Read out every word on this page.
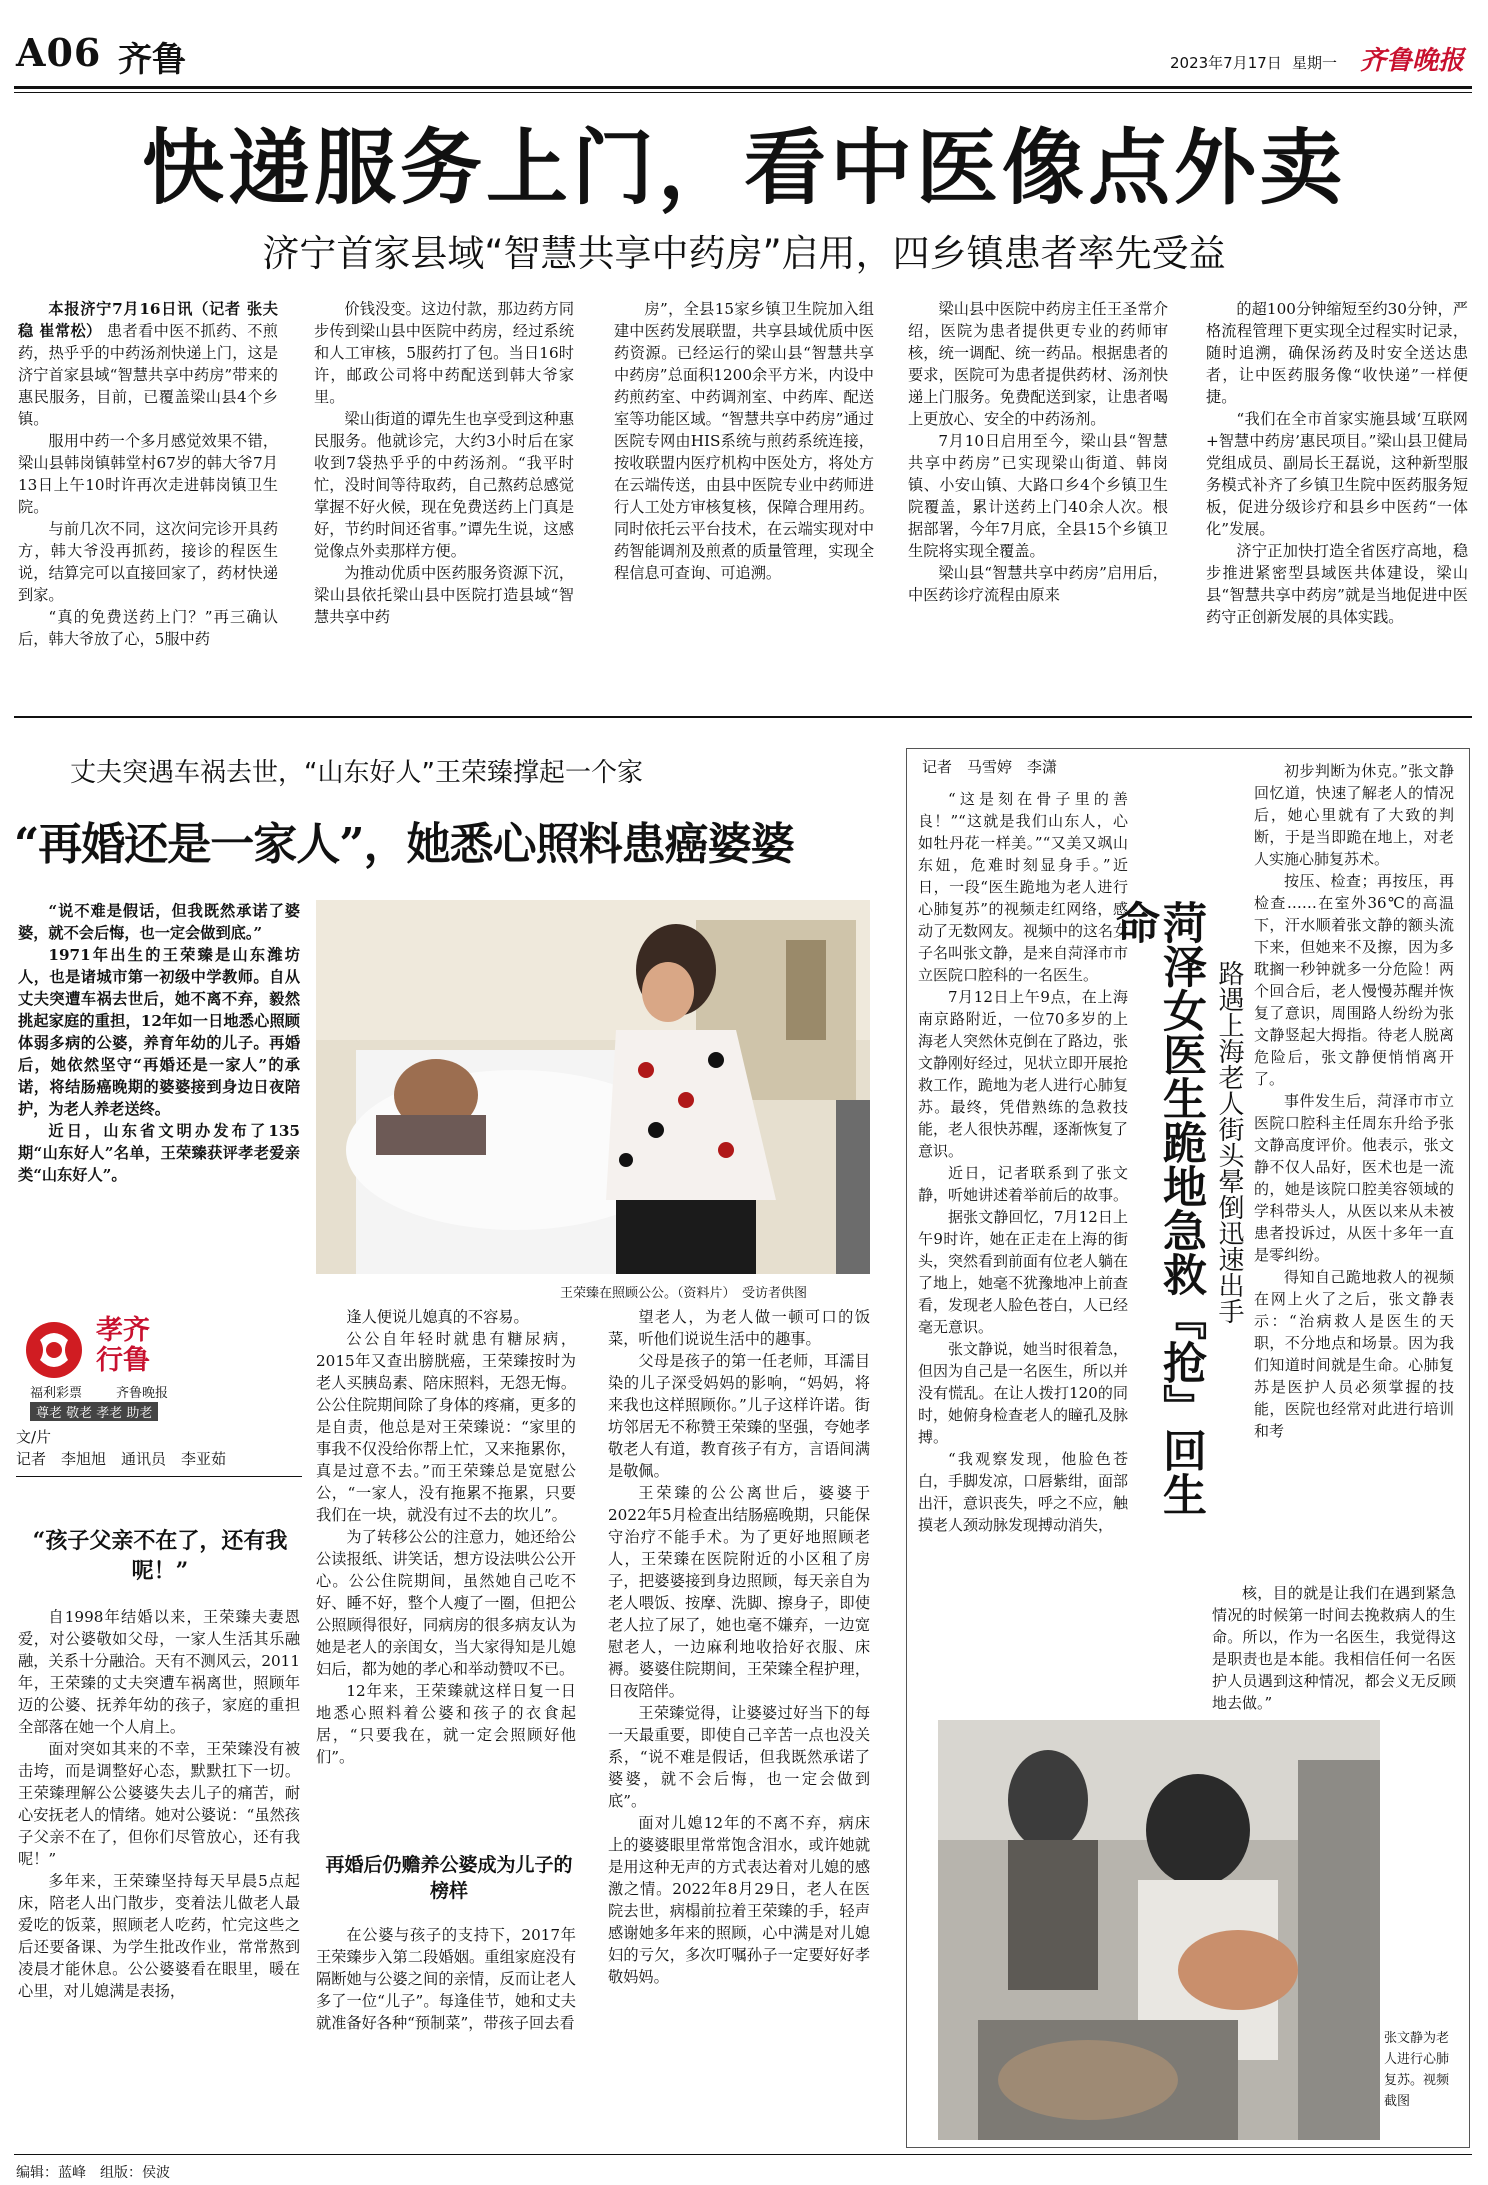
A06 齐鲁	2023年7月17日 星期一 齐鲁晚报
快递服务上门，看中医像点外卖
济宁首家县域“智慧共享中药房”启用，四乡镇患者率先受益

本报济宁7月16日讯（记者 张夫稳 崔常松） 患者看中医不抓药、不煎药，热乎乎的中药汤剂快递上门，这是济宁首家县域“智慧共享中药房”带来的惠民服务，目前，已覆盖梁山县4个乡镇。

服用中药一个多月感觉效果不错，梁山县韩岗镇韩堂村67岁的韩大爷7月13日上午10时许再次走进韩岗镇卫生院。

与前几次不同，这次问完诊开具药方，韩大爷没再抓药，接诊的程医生说，结算完可以直接回家了，药材快递到家。

“真的免费送药上门？”再三确认后，韩大爷放了心，5服中药

价钱没变。这边付款，那边药方同步传到梁山县中医院中药房，经过系统和人工审核，5服药打了包。当日16时许，邮政公司将中药配送到韩大爷家里。

梁山街道的谭先生也享受到这种惠民服务。他就诊完，大约3小时后在家收到7袋热乎乎的中药汤剂。“我平时忙，没时间等待取药，自己熬药总感觉掌握不好火候，现在免费送药上门真是好，节约时间还省事。”谭先生说，这感觉像点外卖那样方便。

为推动优质中医药服务资源下沉，梁山县依托梁山县中医院打造县域“智慧共享中药

房”，全县15家乡镇卫生院加入组建中医药发展联盟，共享县域优质中医药资源。已经运行的梁山县“智慧共享中药房”总面积1200余平方米，内设中药煎药室、中药调剂室、中药库、配送室等功能区域。“智慧共享中药房”通过医院专网由HIS系统与煎药系统连接，按收联盟内医疗机构中医处方，将处方在云端传送，由县中医院专业中药师进行人工处方审核复核，保障合理用药。同时依托云平台技术，在云端实现对中药智能调剂及煎煮的质量管理，实现全程信息可查询、可追溯。

梁山县中医院中药房主任王圣常介绍，医院为患者提供更专业的药师审核，统一调配、统一药品。根据患者的要求，医院可为患者提供药材、汤剂快递上门服务。免费配送到家，让患者喝上更放心、安全的中药汤剂。

7月10日启用至今，梁山县“智慧共享中药房”已实现梁山街道、韩岗镇、小安山镇、大路口乡4个乡镇卫生院覆盖，累计送药上门40余人次。根据部署，今年7月底，全县15个乡镇卫生院将实现全覆盖。

梁山县“智慧共享中药房”启用后，中医药诊疗流程由原来

的超100分钟缩短至约30分钟，严格流程管理下更实现全过程实时记录，随时追溯，确保汤药及时安全送达患者，让中医药服务像“收快递”一样便捷。

“我们在全市首家实施县域‘互联网+智慧中药房’惠民项目。”梁山县卫健局党组成员、副局长王磊说，这种新型服务模式补齐了乡镇卫生院中医药服务短板，促进分级诊疗和县乡中医药“一体化”发展。

济宁正加快打造全省医疗高地，稳步推进紧密型县域医共体建设，梁山县“智慧共享中药房”就是当地促进中医药守正创新发展的具体实践。

丈夫突遇车祸去世，“山东好人”王荣臻撑起一个家
“再婚还是一家人”，她悉心照料患癌婆婆

“说不难是假话，但我既然承诺了婆婆，就不会后悔，也一定会做到底。”

1971年出生的王荣臻是山东潍坊人，也是诸城市第一初级中学教师。自从丈夫突遭车祸去世后，她不离不弃，毅然挑起家庭的重担，12年如一日地悉心照顾体弱多病的公婆，养育年幼的儿子。再婚后，她依然坚守“再婚还是一家人”的承诺，将结肠癌晚期的婆婆接到身边日夜陪护，为老人养老送终。

近日，山东省文明办发布了135期“山东好人”名单，王荣臻获评孝老爱亲类“山东好人”。

王荣臻在照顾公公。（资料片）　受访者供图
孝齐行鲁
福利彩票	齐鲁晚报
尊老 敬老 孝老 助老
文/片
记者　李旭旭　通讯员　李亚茹
“孩子父亲不在了，还有我呢！”

自1998年结婚以来，王荣臻夫妻恩爱，对公婆敬如父母，一家人生活其乐融融，关系十分融洽。天有不测风云，2011年，王荣臻的丈夫突遭车祸离世，照顾年迈的公婆、抚养年幼的孩子，家庭的重担全部落在她一个人肩上。

面对突如其来的不幸，王荣臻没有被击垮，而是调整好心态，默默扛下一切。王荣臻理解公公婆婆失去儿子的痛苦，耐心安抚老人的情绪。她对公婆说：“虽然孩子父亲不在了，但你们尽管放心，还有我呢！”

多年来，王荣臻坚持每天早晨5点起床，陪老人出门散步，变着法儿做老人最爱吃的饭菜，照顾老人吃药，忙完这些之后还要备课、为学生批改作业，常常熬到凌晨才能休息。公公婆婆看在眼里，暖在心里，对儿媳满是表扬，

逢人便说儿媳真的不容易。

公公自年轻时就患有糖尿病，2015年又查出膀胱癌，王荣臻按时为老人买胰岛素、陪床照料，无怨无悔。公公住院期间除了身体的疼痛，更多的是自责，他总是对王荣臻说：“家里的事我不仅没给你帮上忙，又来拖累你，真是过意不去。”而王荣臻总是宽慰公公，“一家人，没有拖累不拖累，只要我们在一块，就没有过不去的坎儿”。

为了转移公公的注意力，她还给公公读报纸、讲笑话，想方设法哄公公开心。公公住院期间，虽然她自己吃不好、睡不好，整个人瘦了一圈，但把公公照顾得很好，同病房的很多病友认为她是老人的亲闺女，当大家得知是儿媳妇后，都为她的孝心和举动赞叹不已。

12年来，王荣臻就这样日复一日地悉心照料着公婆和孩子的衣食起居，“只要我在，就一定会照顾好他们”。

再婚后仍赡养公婆成为儿子的榜样

在公婆与孩子的支持下，2017年王荣臻步入第二段婚姻。重组家庭没有隔断她与公婆之间的亲情，反而让老人多了一位“儿子”。每逢佳节，她和丈夫就准备好各种“预制菜”，带孩子回去看

望老人，为老人做一顿可口的饭菜，听他们说说生活中的趣事。

父母是孩子的第一任老师，耳濡目染的儿子深受妈妈的影响，“妈妈，将来我也这样照顾你。”儿子这样许诺。街坊邻居无不称赞王荣臻的坚强，夸她孝敬老人有道，教育孩子有方，言语间满是敬佩。

王荣臻的公公离世后，婆婆于2022年5月检查出结肠癌晚期，只能保守治疗不能手术。为了更好地照顾老人，王荣臻在医院附近的小区租了房子，把婆婆接到身边照顾，每天亲自为老人喂饭、按摩、洗脚、擦身子，即使老人拉了尿了，她也毫不嫌弃，一边宽慰老人，一边麻利地收拾好衣服、床褥。婆婆住院期间，王荣臻全程护理，日夜陪伴。

王荣臻觉得，让婆婆过好当下的每一天最重要，即使自己辛苦一点也没关系，“说不难是假话，但我既然承诺了婆婆，就不会后悔，也一定会做到底”。

面对儿媳12年的不离不弃，病床上的婆婆眼里常常饱含泪水，或许她就是用这种无声的方式表达着对儿媳的感激之情。2022年8月29日，老人在医院去世，病榻前拉着王荣臻的手，轻声感谢她多年来的照顾，心中满是对儿媳妇的亏欠，多次叮嘱孙子一定要好好孝敬妈妈。

记者　马雪婷　李潇

“这是刻在骨子里的善良！”“这就是我们山东人，心如牡丹花一样美。”“又美又飒山东妞，危难时刻显身手。”近日，一段“医生跪地为老人进行心肺复苏”的视频走红网络，感动了无数网友。视频中的这名女子名叫张文静，是来自菏泽市市立医院口腔科的一名医生。

7月12日上午9点，在上海南京路附近，一位70多岁的上海老人突然休克倒在了路边，张文静刚好经过，见状立即开展抢救工作，跪地为老人进行心肺复苏。最终，凭借熟练的急救技能，老人很快苏醒，逐渐恢复了意识。

近日，记者联系到了张文静，听她讲述着举前后的故事。

据张文静回忆，7月12日上午9时许，她在正走在上海的街头，突然看到前面有位老人躺在了地上，她毫不犹豫地冲上前查看，发现老人脸色苍白，人已经毫无意识。

张文静说，她当时很着急，但因为自己是一名医生，所以并没有慌乱。在让人拨打120的同时，她俯身检查老人的瞳孔及脉搏。

“我观察发现，他脸色苍白，手脚发凉，口唇紫绀，面部出汗，意识丧失，呼之不应，触摸老人颈动脉发现搏动消失，

菏泽女医生跪地急救『抢』回生命
路遇上海老人街头晕倒迅速出手

初步判断为休克。”张文静回忆道，快速了解老人的情况后，她心里就有了大致的判断，于是当即跪在地上，对老人实施心肺复苏术。

按压、检查；再按压，再检查……在室外36℃的高温下，汗水顺着张文静的额头流下来，但她来不及擦，因为多耽搁一秒钟就多一分危险！两个回合后，老人慢慢苏醒并恢复了意识，周围路人纷纷为张文静竖起大拇指。待老人脱离危险后，张文静便悄悄离开了。

事件发生后，菏泽市市立医院口腔科主任周东升给予张文静高度评价。他表示，张文静不仅人品好，医术也是一流的，她是该院口腔美容领域的学科带头人，从医以来从未被患者投诉过，从医十多年一直是零纠纷。

得知自己跪地救人的视频在网上火了之后，张文静表示：“治病救人是医生的天职，不分地点和场景。因为我们知道时间就是生命。心肺复苏是医护人员必须掌握的技能，医院也经常对此进行培训和考

核，目的就是让我们在遇到紧急情况的时候第一时间去挽救病人的生命。所以，作为一名医生，我觉得这是职责也是本能。我相信任何一名医护人员遇到这种情况，都会义无反顾地去做。”

张文静为老人进行心肺复苏。视频截图
编辑：蓝峰　组版：侯波
